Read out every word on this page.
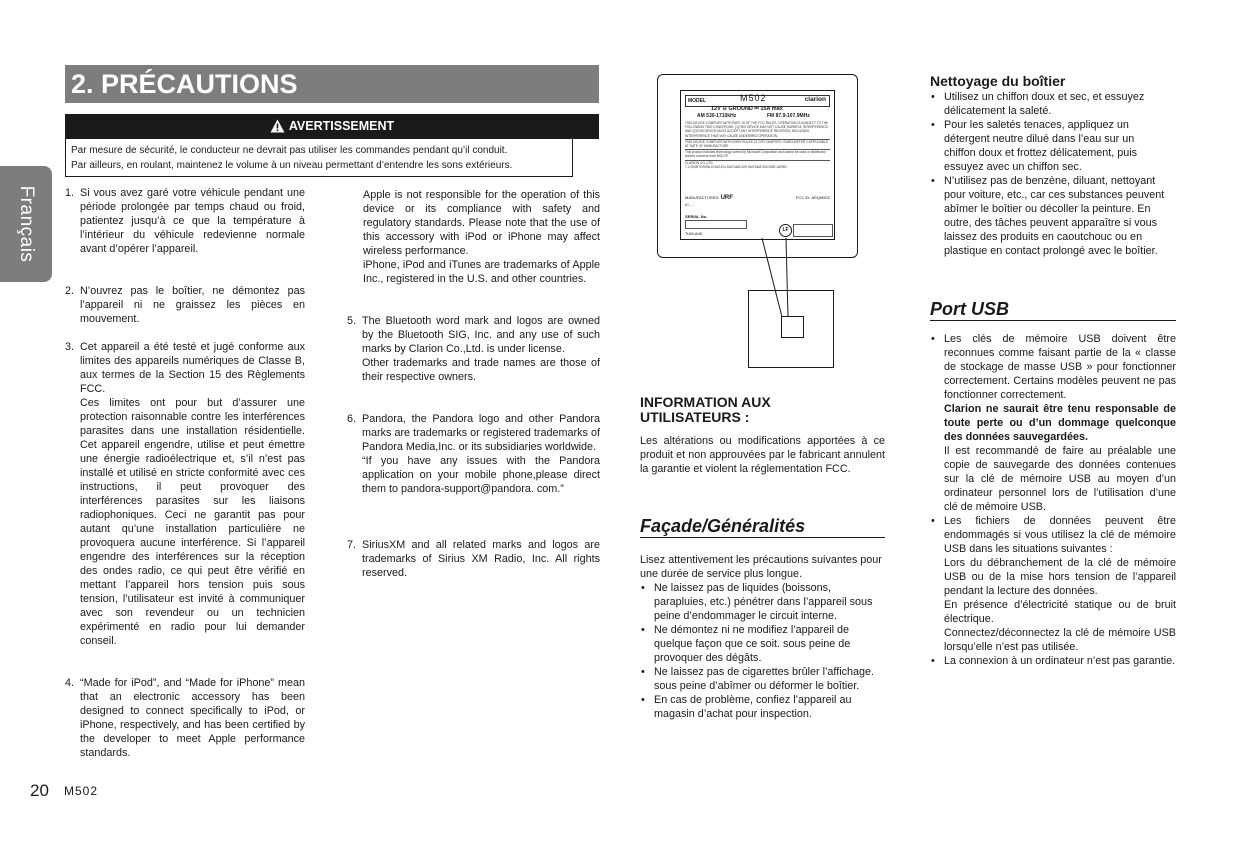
Français
2. PRÉCAUTIONS
AVERTISSEMENT
Par mesure de sécurité, le conducteur ne devrait pas utiliser les commandes pendant qu’il conduit.
Par ailleurs, en roulant, maintenez le volume à un niveau permettant d’entendre les sons extérieurs.
1. Si vous avez garé votre véhicule pendant une période prolongée par temps chaud ou froid, patientez jusqu’à ce que la température à l’intérieur du véhicule redevienne normale avant d’opérer l’appareil.

2. N’ouvrez pas le boîtier, ne démontez pas l’appareil ni ne graissez les pièces en mouvement.

3. Cet appareil a été testé et jugé conforme aux limites des appareils numériques de Classe B, aux termes de la Section 15 des Règlements FCC.

Ces limites ont pour but d’assurer une protection raisonnable contre les interférences parasites dans une installation résidentielle. Cet appareil engendre, utilise et peut émettre une énergie radioélectrique et, s’il n’est pas installé et utilisé en stricte conformité avec ces instructions, il peut provoquer des interférences parasites sur les liaisons radiophoniques. Ceci ne garantit pas pour autant qu’une installation particulière ne provoquera aucune interférence. Si l’appareil engendre des interférences sur la réception des ondes radio, ce qui peut être vérifié en mettant l’appareil hors tension puis sous tension, l’utilisateur est invité à communiquer avec son revendeur ou un technicien expérimenté en radio pour lui demander conseil.

4. “Made for iPod”, and “Made for iPhone” mean that an electronic accessory has been designed to connect specifically to iPod, or iPhone, respectively, and has been certified by the developer to meet Apple performance standards.

Apple is not responsible for the operation of this device or its compliance with safety and regulatory standards. Please note that the use of this accessory with iPod or iPhone may affect wireless performance.

iPhone, iPod and iTunes are trademarks of Apple Inc., registered in the U.S. and other countries.

5. The Bluetooth word mark and logos are owned by the Bluetooth SIG, Inc. and any use of such marks by Clarion Co.,Ltd. is under license.

Other trademarks and trade names are those of their respective owners.

6. Pandora, the Pandora logo and other Pandora marks are trademarks or registered trademarks of Pandora Media,Inc. or its subsidiaries worldwide.

“If you have any issues with the Pandora application on your mobile phone,please direct them to pandora-support@pandora. com.”

7. SiriusXM and all related marks and logos are trademarks of Sirius XM Radio, Inc. All rights reserved.

MODEL	M502	clarion
12V ⊖ GROUND ⎓ 15A max
AM 530-1710kHz	FM 87.9-107.9MHz
THIS DEVICE COMPLIES WITH PART 15 OF THE FCC RULES. OPERATION IS SUBJECT TO THE FOLLOWING TWO CONDITIONS: (1)THIS DEVICE MAY NOT CAUSE HARMFUL INTERFERENCE, AND (2)THIS DEVICE MUST ACCEPT ANY INTERFERENCE RECEIVED, INCLUDING INTERFERENCE THAT MAY CAUSE UNDESIRED OPERATION.
THIS DEVICE COMPLIES WITH DHHS RULES 21 CFR CHAPTER I SUBCHAPTER J APPLICABLE AT DATE OF MANUFACTURE.
This product includes technology owned by Microsoft Corporation and cannot be used or distributed without a license from MSLGP.
CLARION CO.,LTD.
7-2,SHINTOSHIN,CHUO-KU,SAITAMA-SHI,SAITAMA 330-0081,JAPAN
MANUFACTURED: URF	FCC ID: ARQM502
IC: ...
SERIAL No.
THAILAND
LF
INFORMATION AUX
UTILISATEURS :
Les altérations ou modifications apportées à ce produit et non approuvées par le fabricant annulent la garantie et violent la réglementation FCC.
Façade/Généralités
Lisez attentivement les précautions suivantes pour une durée de service plus longue.
• Ne laissez pas de liquides (boissons, parapluies, etc.) pénétrer dans l’appareil sous peine d’endommager le circuit interne.
• Ne démontez ni ne modifiez l’appareil de quelque façon que ce soit. sous peine de provoquer des dégâts.
• Ne laissez pas de cigarettes brûler l’affichage. sous peine d’abîmer ou déformer le boîtier.
• En cas de problème, confiez l’appareil au magasin d’achat pour inspection.
Nettoyage du boîtier
• Utilisez un chiffon doux et sec, et essuyez délicatement la saleté.
• Pour les saletés tenaces, appliquez un détergent neutre dilué dans l’eau sur un chiffon doux et frottez délicatement, puis essuyez avec un chiffon sec.
• N’utilisez pas de benzène, diluant, nettoyant pour voiture, etc., car ces substances peuvent abîmer le boîtier ou décoller la peinture. En outre, des tâches peuvent apparaître si vous laissez des produits en caoutchouc ou en plastique en contact prolongé avec le boîtier.
Port USB
• Les clés de mémoire USB doivent être reconnues comme faisant partie de la « classe de stockage de masse USB » pour fonctionner correctement. Certains modèles peuvent ne pas fonctionner correctement.
Clarion ne saurait être tenu responsable de toute perte ou d’un dommage quelconque des données sauvegardées.
Il est recommandé de faire au préalable une copie de sauvegarde des données contenues sur la clé de mémoire USB au moyen d’un ordinateur personnel lors de l’utilisation d’une clé de mémoire USB.
• Les fichiers de données peuvent être endommagés si vous utilisez la clé de mémoire USB dans les situations suivantes :
Lors du débranchement de la clé de mémoire USB ou de la mise hors tension de l’appareil pendant la lecture des données.
En présence d’électricité statique ou de bruit électrique.
Connectez/déconnectez la clé de mémoire USB lorsqu’elle n’est pas utilisée.
• La connexion à un ordinateur n’est pas garantie.
20 M502
